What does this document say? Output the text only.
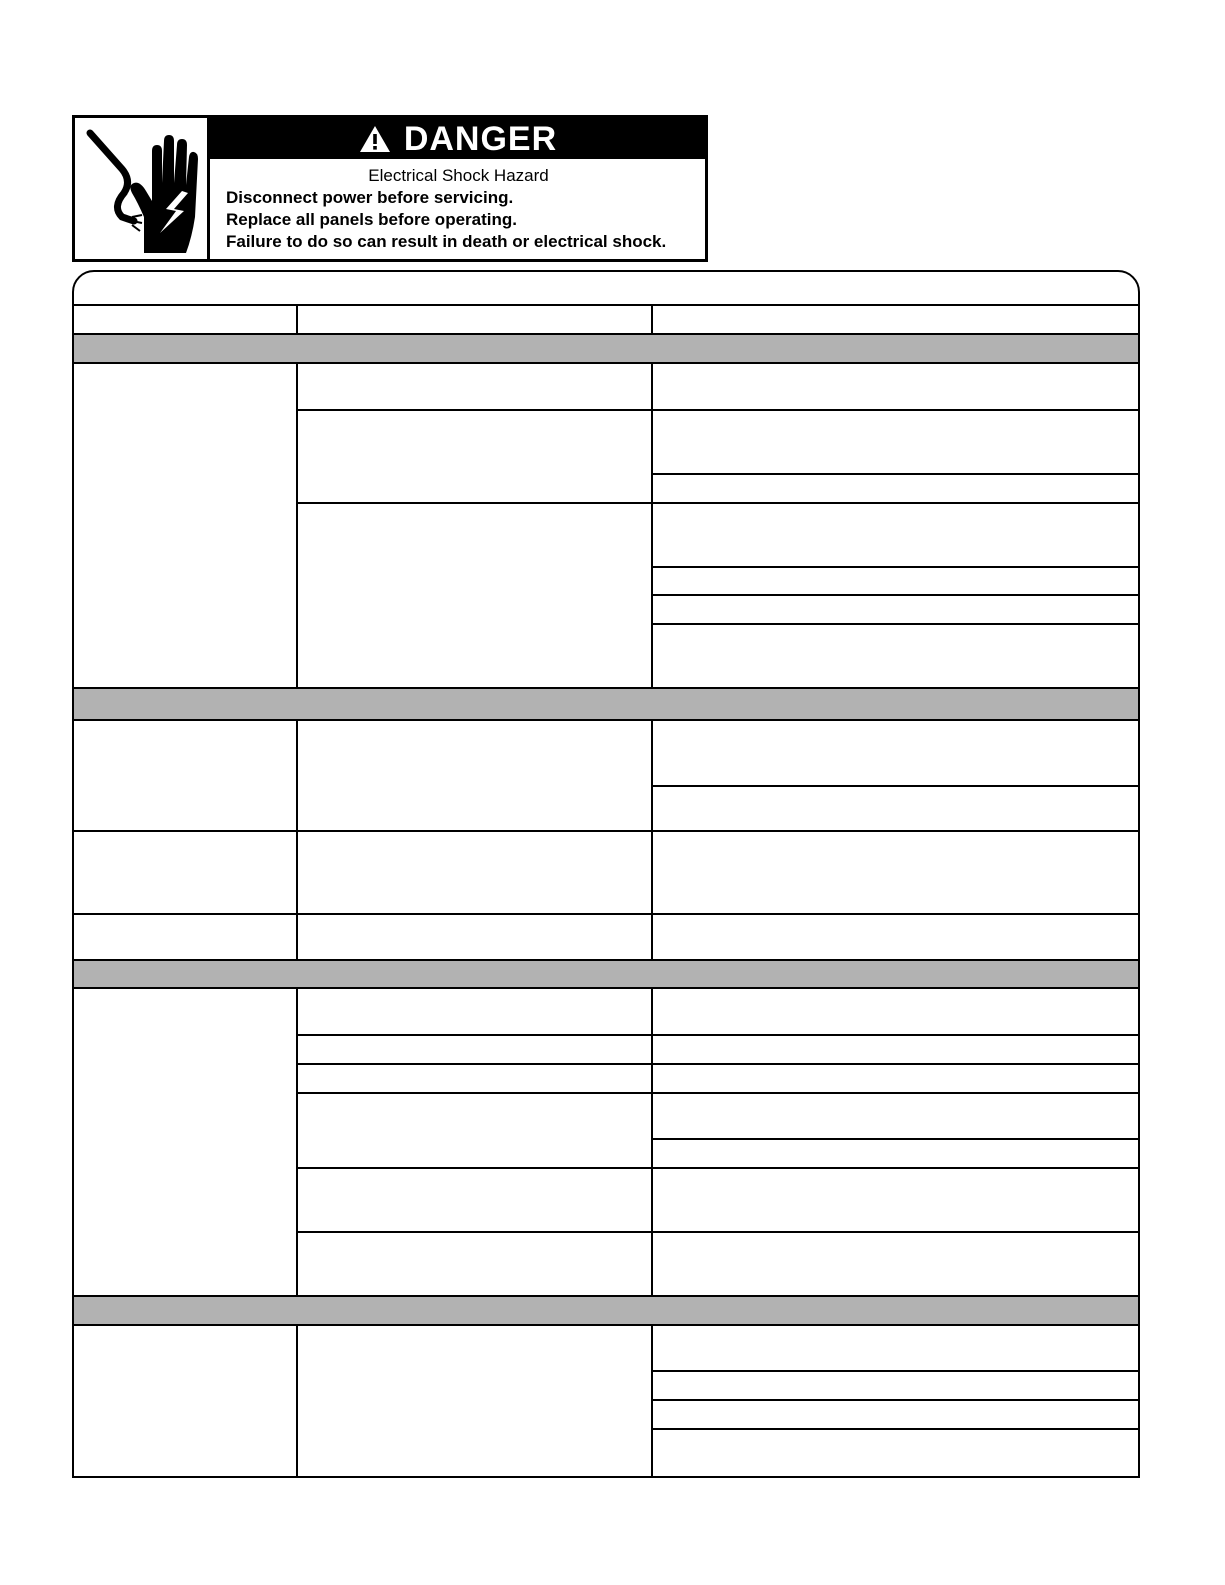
DANGER
Electrical Shock Hazard
Disconnect power before servicing.
Replace all panels before operating.
Failure to do so can result in death or electrical shock.
